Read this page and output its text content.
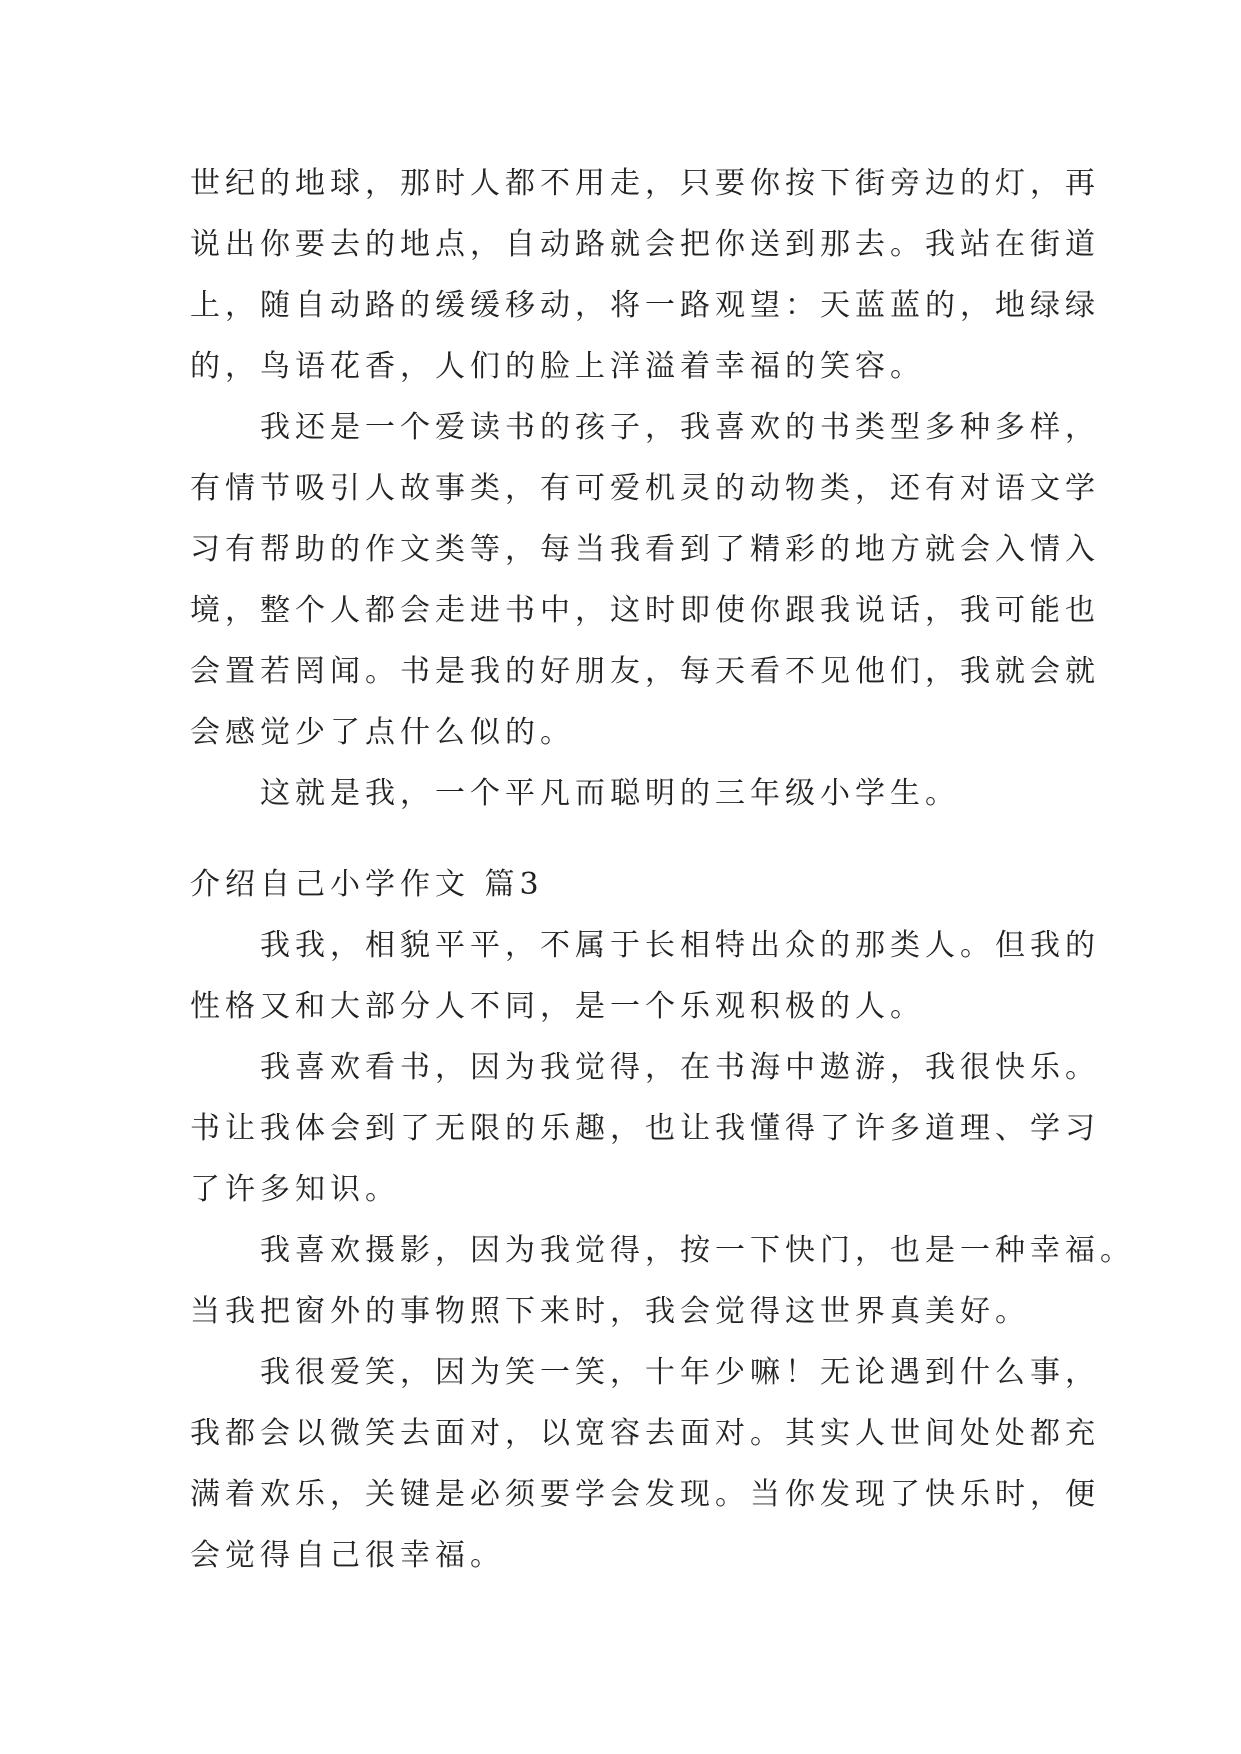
世纪的地球，那时人都不用走，只要你按下街旁边的灯，再
说出你要去的地点，自动路就会把你送到那去。我站在街道
上，随自动路的缓缓移动，将一路观望：天蓝蓝的，地绿绿
的，鸟语花香，人们的脸上洋溢着幸福的笑容。
我还是一个爱读书的孩子，我喜欢的书类型多种多样，
有情节吸引人故事类，有可爱机灵的动物类，还有对语文学
习有帮助的作文类等，每当我看到了精彩的地方就会入情入
境，整个人都会走进书中，这时即使你跟我说话，我可能也
会置若罔闻。书是我的好朋友，每天看不见他们，我就会就
会感觉少了点什么似的。
这就是我，一个平凡而聪明的三年级小学生。
介绍自己小学作文 篇3
我我，相貌平平，不属于长相特出众的那类人。但我的
性格又和大部分人不同，是一个乐观积极的人。
我喜欢看书，因为我觉得，在书海中遨游，我很快乐。
书让我体会到了无限的乐趣，也让我懂得了许多道理、学习
了许多知识。
我喜欢摄影，因为我觉得，按一下快门，也是一种幸福。
当我把窗外的事物照下来时，我会觉得这世界真美好。
我很爱笑，因为笑一笑，十年少嘛！无论遇到什么事，
我都会以微笑去面对，以宽容去面对。其实人世间处处都充
满着欢乐，关键是必须要学会发现。当你发现了快乐时，便
会觉得自己很幸福。
